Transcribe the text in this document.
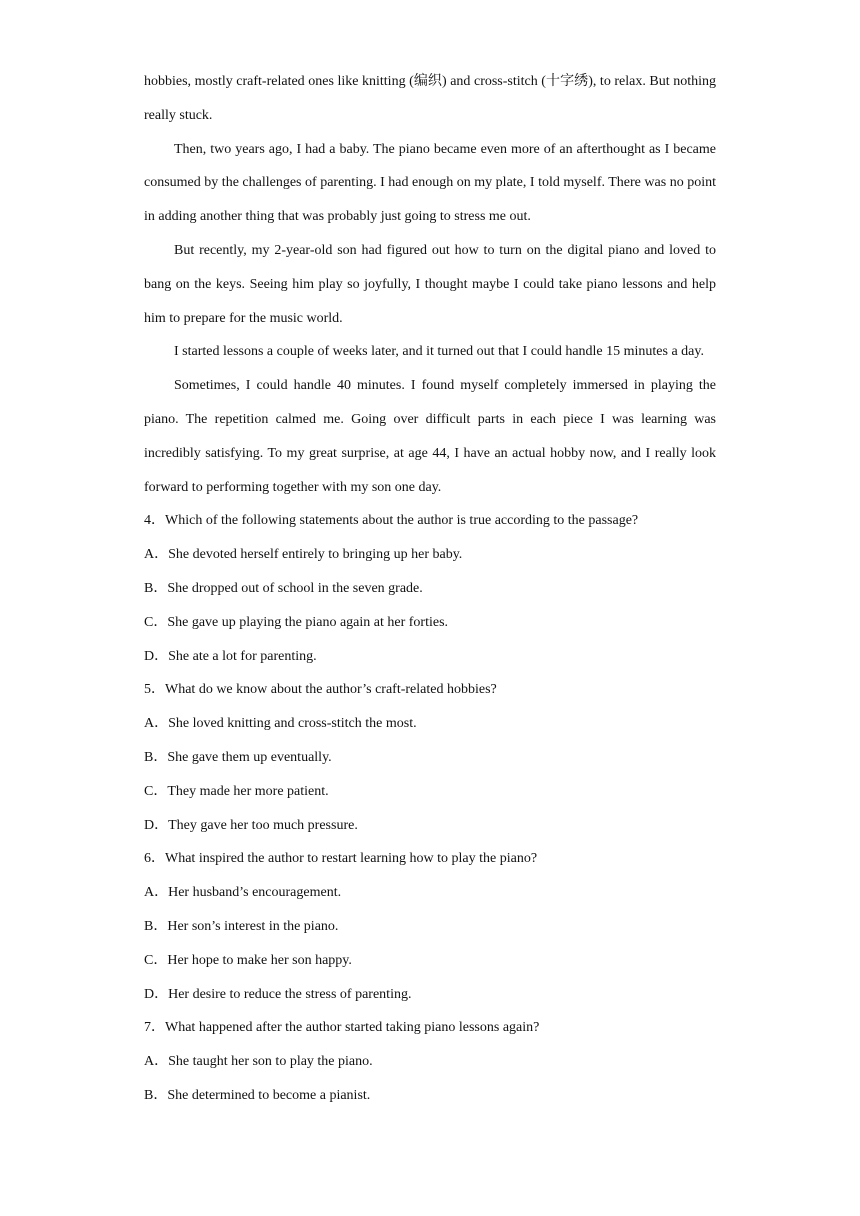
hobbies, mostly craft-related ones like knitting (编织) and cross-stitch (十字绣), to relax. But nothing really stuck.

Then, two years ago, I had a baby. The piano became even more of an afterthought as I became consumed by the challenges of parenting. I had enough on my plate, I told myself. There was no point in adding another thing that was probably just going to stress me out.

But recently, my 2-year-old son had figured out how to turn on the digital piano and loved to bang on the keys. Seeing him play so joyfully, I thought maybe I could take piano lessons and help him to prepare for the music world.

I started lessons a couple of weeks later, and it turned out that I could handle 15 minutes a day.

Sometimes, I could handle 40 minutes. I found myself completely immersed in playing the piano. The repetition calmed me. Going over difficult parts in each piece I was learning was incredibly satisfying. To my great surprise, at age 44, I have an actual hobby now, and I really look forward to performing together with my son one day.

4．Which of the following statements about the author is true according to the passage?

A．She devoted herself entirely to bringing up her baby.

B．She dropped out of school in the seven grade.

C．She gave up playing the piano again at her forties.

D．She ate a lot for parenting.

5．What do we know about the author’s craft-related hobbies?

A．She loved knitting and cross-stitch the most.

B．She gave them up eventually.

C．They made her more patient.

D．They gave her too much pressure.

6．What inspired the author to restart learning how to play the piano?

A．Her husband’s encouragement.

B．Her son’s interest in the piano.

C．Her hope to make her son happy.

D．Her desire to reduce the stress of parenting.

7．What happened after the author started taking piano lessons again?

A．She taught her son to play the piano.

B．She determined to become a pianist.
